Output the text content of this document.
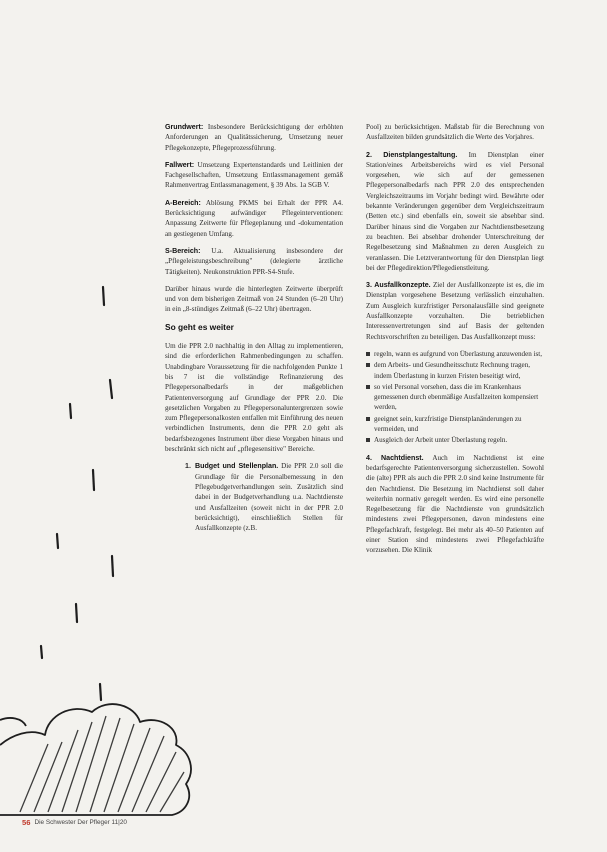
Grundwert: Insbesondere Berücksichtigung der erhöhten Anforderungen an Qualitätssicherung, Umsetzung neuer Pflegekonzepte, Pflegeprozessführung.

Fallwert: Umsetzung Expertenstandards und Leitlinien der Fachgesellschaften, Umsetzung Entlassmanagement gemäß Rahmenvertrag Entlassmanagement, § 39 Abs. 1a SGB V.

A-Bereich: Ablösung PKMS bei Erhalt der PPR A4. Berücksichtigung aufwändiger Pflegeinterventionen: Anpassung Zeitwerte für Pflegeplanung und -dokumentation an gestiegenen Umfang.

S-Bereich: U.a. Aktualisierung insbesondere der „Pflegeleistungsbeschreibung" (delegierte ärztliche Tätigkeiten). Neukonstruktion PPR-S4-Stufe.

Darüber hinaus wurde die hinterlegten Zeitwerte überprüft und von dem bisherigen Zeitmaß von 24 Stunden (6–20 Uhr) in ein „8-stündiges Zeitmaß (6–22 Uhr) übertragen.

So geht es weiter

Um die PPR 2.0 nachhaltig in den Alltag zu implementieren, sind die erforderlichen Rahmenbedingungen zu schaffen. Unabdingbare Voraussetzung für die nachfolgenden Punkte 1 bis 7 ist die vollständige Refinanzierung des Pflegepersonalbedarfs in der maßgeblichen Patientenversorgung auf Grundlage der PPR 2.0. Die gesetzlichen Vorgaben zu Pflegepersonaluntergrenzen sowie zum Pflegepersonalkosten entfallen mit Einführung des neuen verbindlichen Instruments, denn die PPR 2.0 geht als bedarfsbezogenes Instrument über diese Vorgaben hinaus und beschränkt sich nicht auf „pflegesensitive" Bereiche.

1. Budget und Stellenplan. Die PPR 2.0 soll die Grundlage für die Personalbemessung in den Pflegebudgetverhandlungen sein. Zusätzlich sind dabei in der Budgetverhandlung u.a. Nachtdienste und Ausfallzeiten (soweit nicht in der PPR 2.0 berücksichtigt), einschließlich Stellen für Ausfallkonzepte (z.B.

Pool) zu berücksichtigen. Maßstab für die Berechnung von Ausfallzeiten bilden grundsätzlich die Werte des Vorjahres.

2. Dienstplangestaltung. Im Dienstplan einer Station/eines Arbeitsbereichs wird es viel Personal vorgesehen, wie sich auf der gemessenen Pflegepersonalbedarfs nach PPR 2.0 des entsprechenden Vergleichszeitraums im Vorjahr bedingt wird. Bewährte oder bekannte Veränderungen gegenüber dem Vergleichszeitraum (Betten etc.) sind ebenfalls ein, soweit sie absehbar sind. Darüber hinaus sind die Vorgaben zur Nachtdienstbesetzung zu beachten. Bei absehbar drohender Unterschreitung der Regelbesetzung sind Maßnahmen zu deren Ausgleich zu veranlassen. Die Letztverantwortung für den Dienstplan liegt bei der Pflegedirektion/Pflegedienstleitung.

3. Ausfallkonzepte. Ziel der Ausfallkonzepte ist es, die im Dienstplan vorgesehene Besetzung verlässlich einzuhalten. Zum Ausgleich kurzfristiger Personalausfälle sind geeignete Ausfallkonzepte vorzuhalten. Die betrieblichen Interessenvertretungen sind auf Basis der geltenden Rechtsvorschriften zu beteiligen. Das Ausfallkonzept muss:

regeln, wann es aufgrund von Überlastung anzuwenden ist,
dem Arbeits- und Gesundheitsschutz Rechnung tragen, indem Überlastung in kurzen Fristen beseitigt wird,
so viel Personal vorsehen, dass die im Krankenhaus gemessenen durch ebenmäßige Ausfallzeiten kompensiert werden,
geeignet sein, kurzfristige Dienstplanänderungen zu vermeiden, und
Ausgleich der Arbeit unter Überlastung regeln.

4. Nachtdienst. Auch im Nachtdienst ist eine bedarfsgerechte Patientenversorgung sicherzustellen. Sowohl die (alte) PPR als auch die PPR 2.0 sind keine Instrumente für den Nachtdienst. Die Besetzung im Nachtdienst soll daher weiterhin normativ geregelt werden. Es wird eine personelle Regelbesetzung für die Nachtdienste von grundsätzlich mindestens zwei Pflegepersonen, davon mindestens eine Pflegefachkraft, festgelegt. Bei mehr als 40–50 Patienten auf einer Station sind mindestens zwei Pflegefachkräfte vorzusehen. Die Klinik

56 Die Schwester Der Pfleger 11|20
